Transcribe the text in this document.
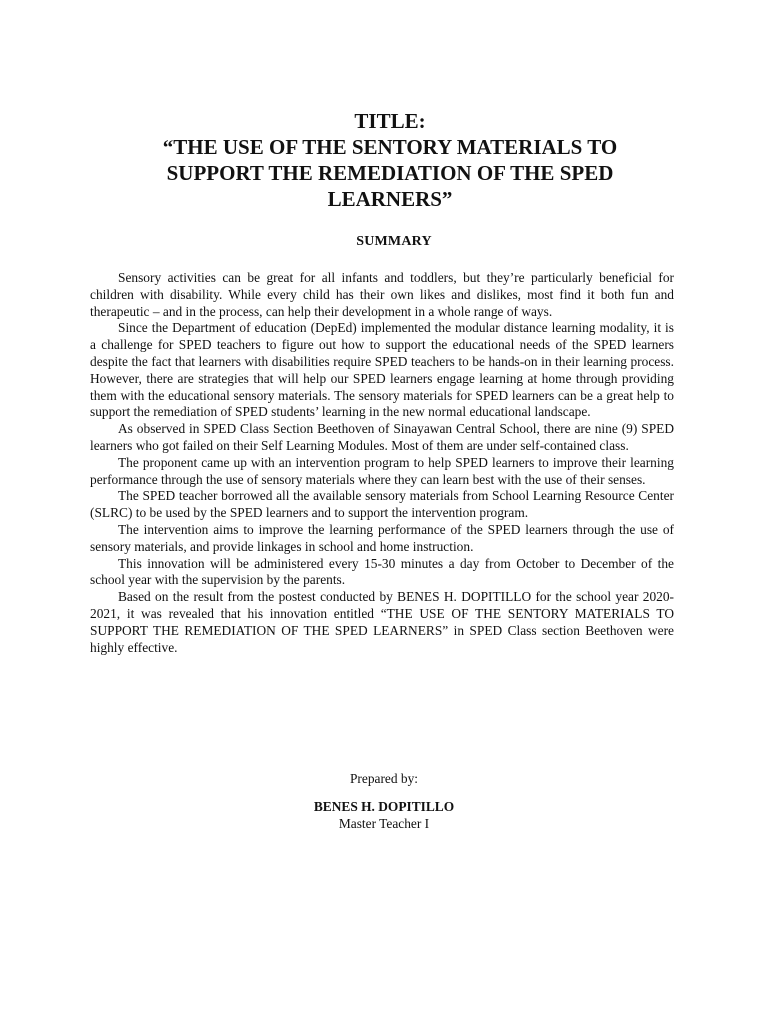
TITLE:
“THE USE OF THE SENTORY MATERIALS TO
SUPPORT THE REMEDIATION OF THE SPED
LEARNERS”
SUMMARY

Sensory activities can be great for all infants and toddlers, but they’re particularly beneficial for children with disability. While every child has their own likes and dislikes, most find it both fun and therapeutic – and in the process, can help their development in a whole range of ways.

Since the Department of education (DepEd) implemented the modular distance learning modality, it is a challenge for SPED teachers to figure out how to support the educational needs of the SPED learners despite the fact that learners with disabilities require SPED teachers to be hands-on in their learning process. However, there are strategies that will help our SPED learners engage learning at home through providing them with the educational sensory materials. The sensory materials for SPED learners can be a great help to support the remediation of SPED students’ learning in the new normal educational landscape.

As observed in SPED Class Section Beethoven of Sinayawan Central School, there are nine (9) SPED learners who got failed on their Self Learning Modules. Most of them are under self-contained class.

The proponent came up with an intervention program to help SPED learners to improve their learning performance through the use of sensory materials where they can learn best with the use of their senses.

The SPED teacher borrowed all the available sensory materials from School Learning Resource Center (SLRC) to be used by the SPED learners and to support the intervention program.

The intervention aims to improve the learning performance of the SPED learners through the use of sensory materials, and provide linkages in school and home instruction.

This innovation will be administered every 15-30 minutes a day from October to December of the school year with the supervision by the parents.

Based on the result from the postest conducted by BENES H. DOPITILLO for the school year 2020-2021, it was revealed that his innovation entitled “THE USE OF THE SENTORY MATERIALS TO SUPPORT THE REMEDIATION OF THE SPED LEARNERS” in SPED Class section Beethoven were highly effective.

Prepared by:
BENES H. DOPITILLO
Master Teacher I
